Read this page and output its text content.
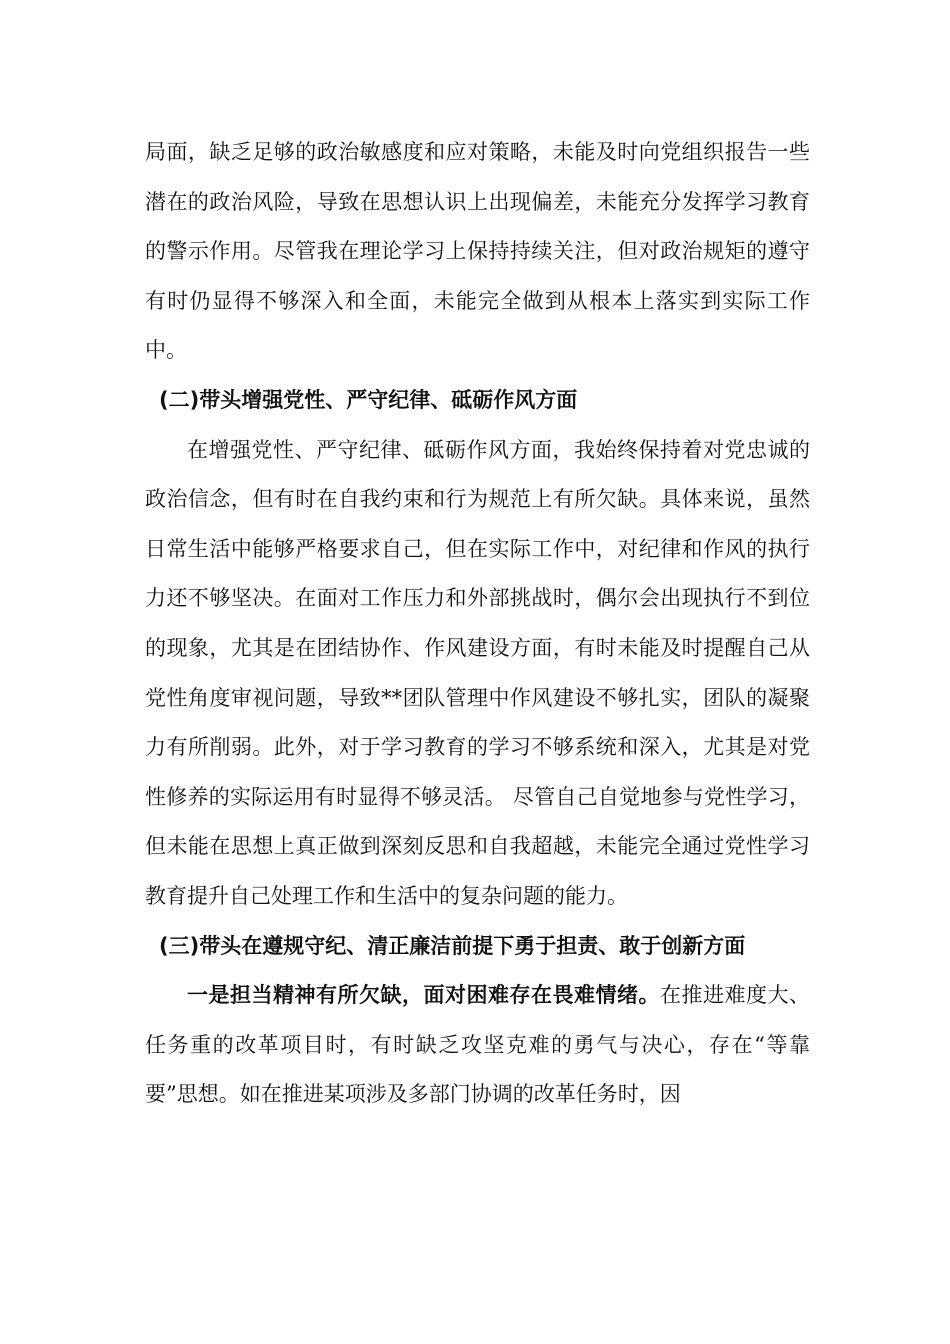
局面，缺乏足够的政治敏感度和应对策略，未能及时向党组织报告一些潜在的政治风险，导致在思想认识上出现偏差，未能充分发挥学习教育的警示作用。尽管我在理论学习上保持持续关注，但对政治规矩的遵守有时仍显得不够深入和全面，未能完全做到从根本上落实到实际工作中。

(二)带头增强党性、严守纪律、砥砺作风方面

在增强党性、严守纪律、砥砺作风方面，我始终保持着对党忠诚的政治信念，但有时在自我约束和行为规范上有所欠缺。具体来说，虽然日常生活中能够严格要求自己，但在实际工作中，对纪律和作风的执行力还不够坚决。在面对工作压力和外部挑战时，偶尔会出现执行不到位的现象，尤其是在团结协作、作风建设方面，有时未能及时提醒自己从党性角度审视问题，导致**团队管理中作风建设不够扎实，团队的凝聚力有所削弱。此外，对于学习教育的学习不够系统和深入，尤其是对党性修养的实际运用有时显得不够灵活。 尽管自己自觉地参与党性学习，但未能在思想上真正做到深刻反思和自我超越，未能完全通过党性学习教育提升自己处理工作和生活中的复杂问题的能力。

(三)带头在遵规守纪、清正廉洁前提下勇于担责、敢于创新方面

一是担当精神有所欠缺，面对困难存在畏难情绪。在推进难度大、任务重的改革项目时，有时缺乏攻坚克难的勇气与决心，存在“等靠要”思想。如在推进某项涉及多部门协调的改革任务时，因
